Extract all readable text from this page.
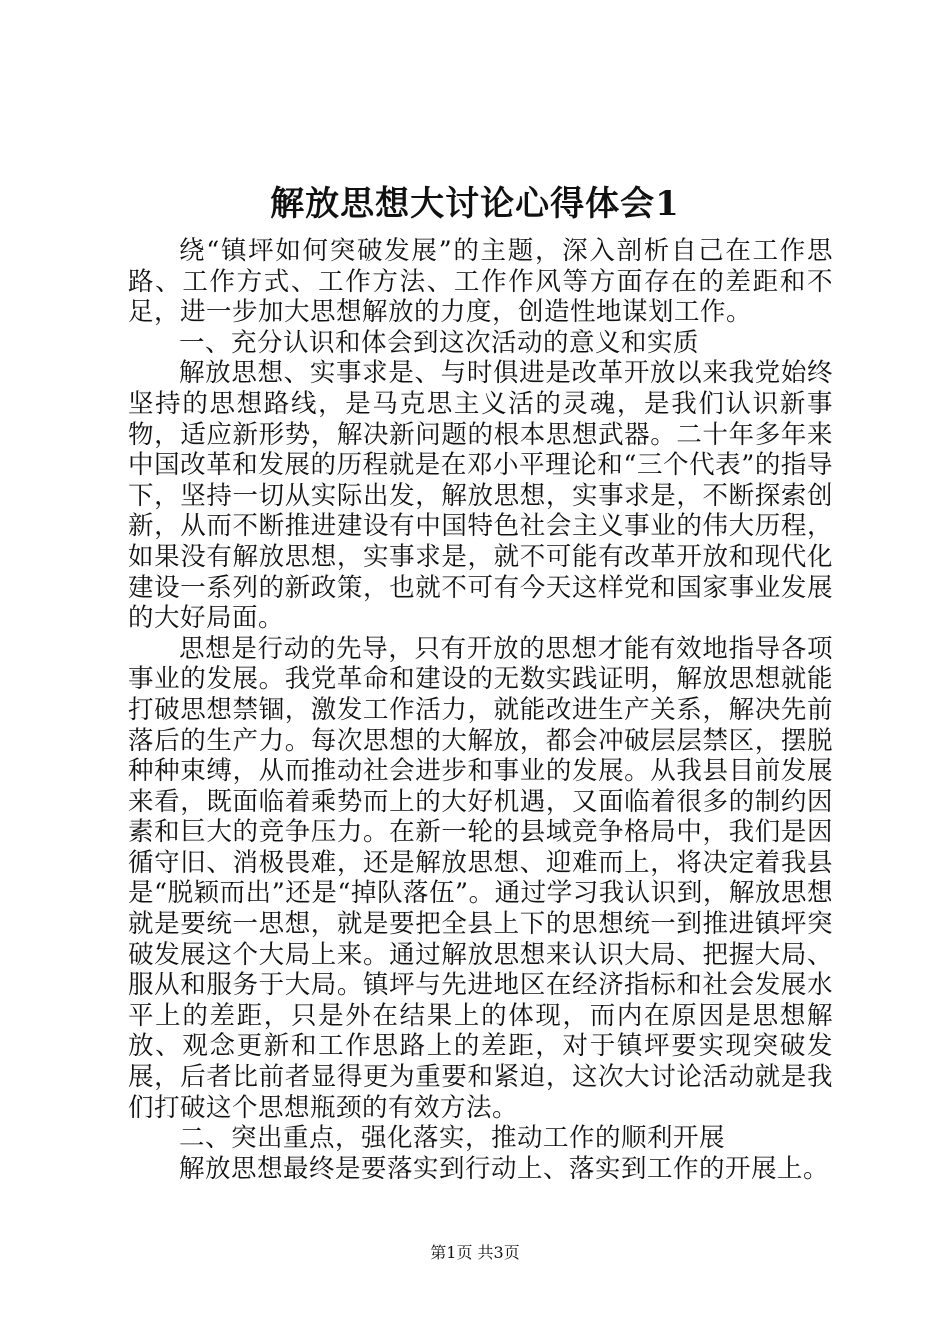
解放思想大讨论心得体会1

绕“镇坪如何突破发展”的主题，深入剖析自己在工作思路、工作方式、工作方法、工作作风等方面存在的差距和不足，进一步加大思想解放的力度，创造性地谋划工作。

一、充分认识和体会到这次活动的意义和实质

解放思想、实事求是、与时俱进是改革开放以来我党始终坚持的思想路线，是马克思主义活的灵魂，是我们认识新事物，适应新形势，解决新问题的根本思想武器。二十年多年来中国改革和发展的历程就是在邓小平理论和“三个代表”的指导下，坚持一切从实际出发，解放思想，实事求是，不断探索创新，从而不断推进建设有中国特色社会主义事业的伟大历程，如果没有解放思想，实事求是，就不可能有改革开放和现代化建设一系列的新政策，也就不可有今天这样党和国家事业发展的大好局面。

思想是行动的先导，只有开放的思想才能有效地指导各项事业的发展。我党革命和建设的无数实践证明，解放思想就能打破思想禁锢，激发工作活力，就能改进生产关系，解决先前落后的生产力。每次思想的大解放，都会冲破层层禁区，摆脱种种束缚，从而推动社会进步和事业的发展。从我县目前发展来看，既面临着乘势而上的大好机遇，又面临着很多的制约因素和巨大的竞争压力。在新一轮的县域竞争格局中，我们是因循守旧、消极畏难，还是解放思想、迎难而上，将决定着我县是“脱颖而出”还是“掉队落伍”。通过学习我认识到，解放思想就是要统一思想，就是要把全县上下的思想统一到推进镇坪突破发展这个大局上来。通过解放思想来认识大局、把握大局、服从和服务于大局。镇坪与先进地区在经济指标和社会发展水平上的差距，只是外在结果上的体现，而内在原因是思想解放、观念更新和工作思路上的差距，对于镇坪要实现突破发展，后者比前者显得更为重要和紧迫，这次大讨论活动就是我们打破这个思想瓶颈的有效方法。

二、突出重点，强化落实，推动工作的顺利开展

解放思想最终是要落实到行动上、落实到工作的开展上。

第1页 共3页
